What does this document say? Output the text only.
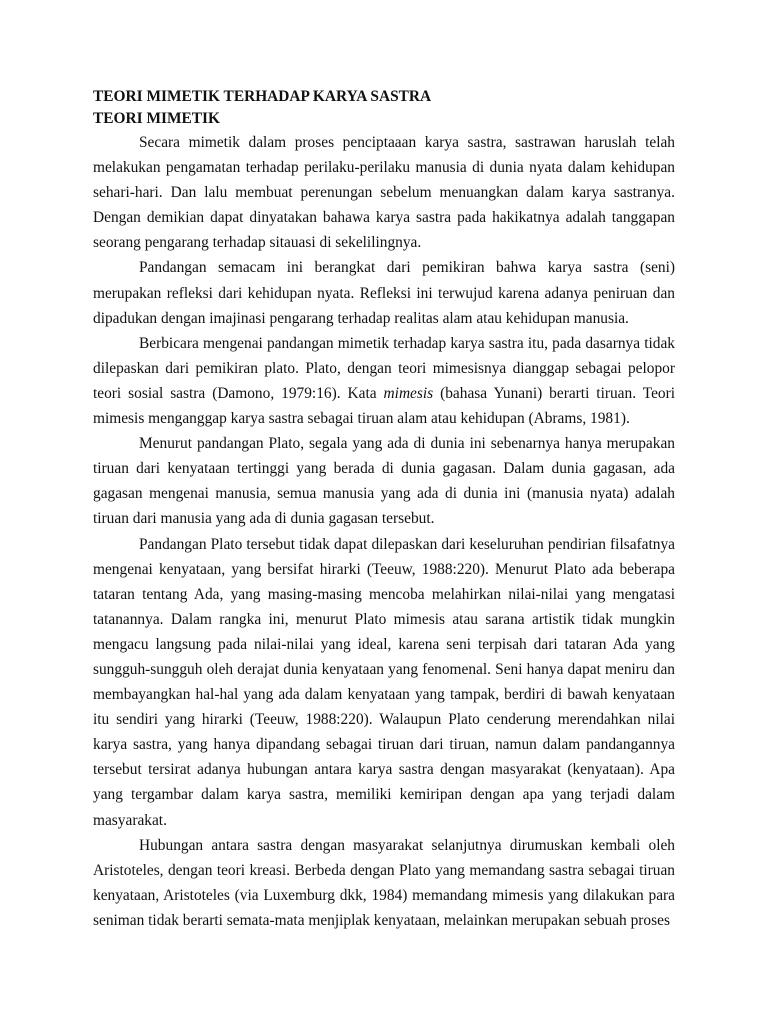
TEORI MIMETIK TERHADAP KARYA SASTRA

TEORI MIMETIK

Secara mimetik dalam proses penciptaaan karya sastra, sastrawan haruslah telah melakukan pengamatan terhadap perilaku-perilaku manusia di dunia nyata dalam kehidupan sehari-hari. Dan lalu membuat perenungan sebelum menuangkan dalam karya sastranya. Dengan demikian dapat dinyatakan bahawa karya sastra pada hakikatnya adalah tanggapan seorang pengarang terhadap sitauasi di sekelilingnya.

Pandangan semacam ini berangkat dari pemikiran bahwa karya sastra (seni) merupakan refleksi dari kehidupan nyata. Refleksi ini terwujud karena adanya peniruan dan dipadukan dengan imajinasi pengarang terhadap realitas alam atau kehidupan manusia.

Berbicara mengenai pandangan mimetik terhadap karya sastra itu, pada dasarnya tidak dilepaskan dari pemikiran plato. Plato, dengan teori mimesisnya dianggap sebagai pelopor teori sosial sastra (Damono, 1979:16). Kata mimesis (bahasa Yunani) berarti tiruan. Teori mimesis menganggap karya sastra sebagai tiruan alam atau kehidupan (Abrams, 1981).

Menurut pandangan Plato, segala yang ada di dunia ini sebenarnya hanya merupakan tiruan dari kenyataan tertinggi yang berada di dunia gagasan. Dalam dunia gagasan, ada gagasan mengenai manusia, semua manusia yang ada di dunia ini (manusia nyata) adalah tiruan dari manusia yang ada di dunia gagasan tersebut.

Pandangan Plato tersebut tidak dapat dilepaskan dari keseluruhan pendirian filsafatnya mengenai kenyataan, yang bersifat hirarki (Teeuw, 1988:220). Menurut Plato ada beberapa tataran tentang Ada, yang masing-masing mencoba melahirkan nilai-nilai yang mengatasi tatanannya. Dalam rangka ini, menurut Plato mimesis atau sarana artistik tidak mungkin mengacu langsung pada nilai-nilai yang ideal, karena seni terpisah dari tataran Ada yang sungguh-sungguh oleh derajat dunia kenyataan yang fenomenal. Seni hanya dapat meniru dan membayangkan hal-hal yang ada dalam kenyataan yang tampak, berdiri di bawah kenyataan itu sendiri yang hirarki (Teeuw, 1988:220). Walaupun Plato cenderung merendahkan nilai karya sastra, yang hanya dipandang sebagai tiruan dari tiruan, namun dalam pandangannya tersebut tersirat adanya hubungan antara karya sastra dengan masyarakat (kenyataan). Apa yang tergambar dalam karya sastra, memiliki kemiripan dengan apa yang terjadi dalam masyarakat.

Hubungan antara sastra dengan masyarakat selanjutnya dirumuskan kembali oleh Aristoteles, dengan teori kreasi. Berbeda dengan Plato yang memandang sastra sebagai tiruan kenyataan, Aristoteles (via Luxemburg dkk, 1984) memandang mimesis yang dilakukan para seniman tidak berarti semata-mata menjiplak kenyataan, melainkan merupakan sebuah proses
